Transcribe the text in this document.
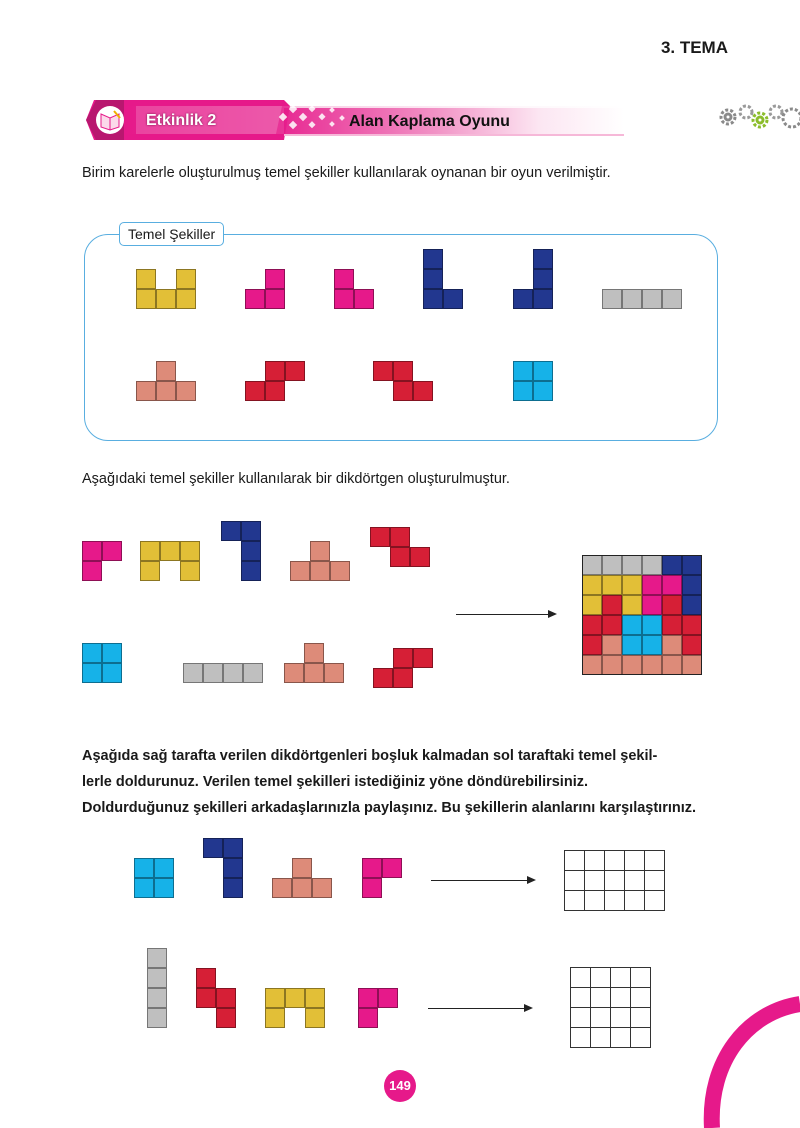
3. TEMA
Etkinlik 2	Alan Kaplama Oyunu
Birim karelerle oluşturulmuş temel şekiller kullanılarak oynanan bir oyun verilmiştir.
Temel Şekiller
Aşağıdaki temel şekiller kullanılarak bir dikdörtgen oluşturulmuştur.
Aşağıda sağ tarafta verilen dikdörtgenleri boşluk kalmadan sol taraftaki temel şekil-
lerle doldurunuz. Verilen temel şekilleri istediğiniz yöne döndürebilirsiniz.
Doldurduğunuz şekilleri arkadaşlarınızla paylaşınız. Bu şekillerin alanlarını karşılaştırınız.
149
